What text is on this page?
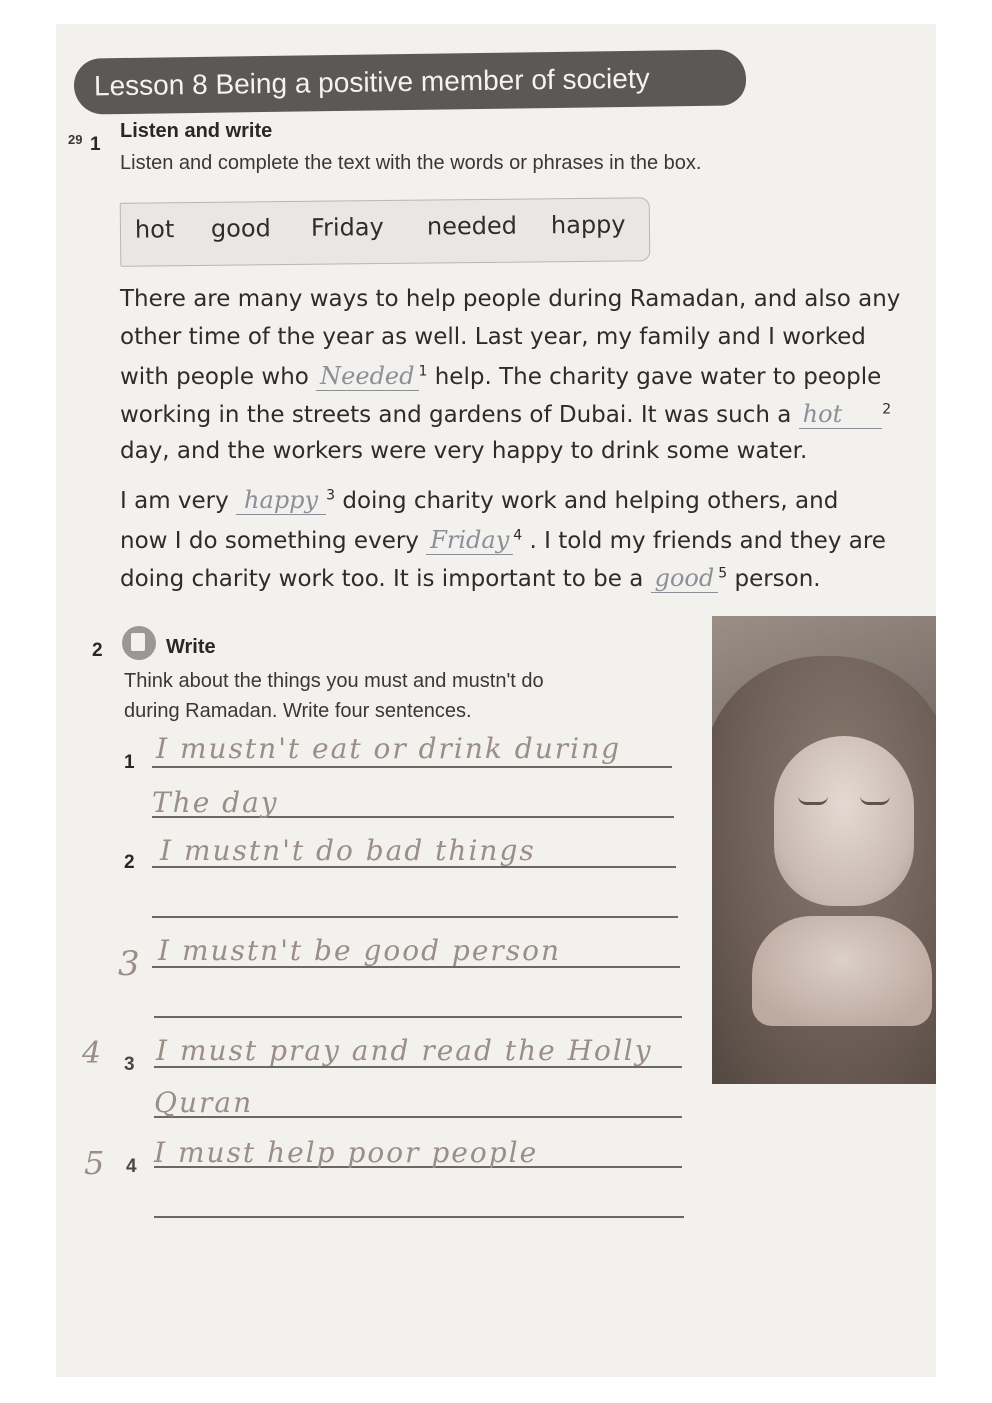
Lesson 8 Being a positive member of society
29 1
Listen and write
Listen and complete the text with the words or phrases in the box.
hot good Friday needed happy
There are many ways to help people during Ramadan, and also any
other time of the year as well. Last year, my family and I worked
with people who Needed $^1$ help. The charity gave water to people
working in the streets and gardens of Dubai. It was such a hot	$^2$
day, and the workers were very happy to drink some water.
I am very happy $^3$ doing charity work and helping others, and
now I do something every Friday $^4$ . I told my friends and they are
doing charity work too. It is important to be a good $^5$ person.
2	Write
Think about the things you must and mustn't do
during Ramadan. Write four sentences.
1
2
3
4
3
4
5
I mustn't eat or drink during
The day
I mustn't do bad things
I mustn't be good person
I must pray and read the Holly
Quran
I must help poor people
